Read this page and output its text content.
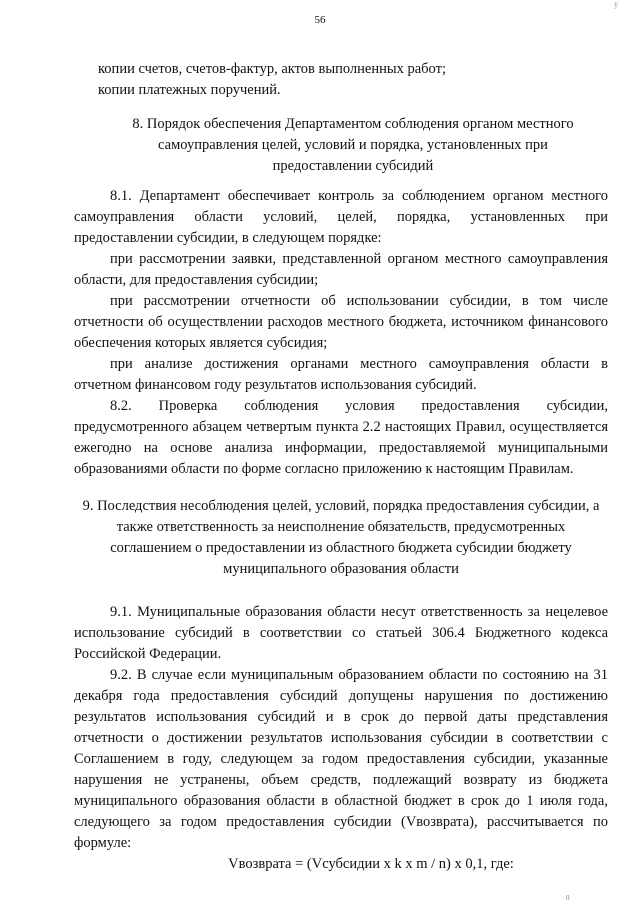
ÿ
56
копии счетов, счетов-фактур, актов выполненных работ;
копии платежных поручений.

8. Порядок обеспечения Департаментом соблюдения органом местного самоуправления целей, условий и порядка, установленных при предоставлении субсидий

8.1. Департамент обеспечивает контроль за соблюдением органом местного самоуправления области условий, целей, порядка, установленных при предоставлении субсидии, в следующем порядке:

при рассмотрении заявки, представленной органом местного самоуправления области, для предоставления субсидии;

при рассмотрении отчетности об использовании субсидии, в том числе отчетности об осуществлении расходов местного бюджета, источником финансового обеспечения которых является субсидия;

при анализе достижения органами местного самоуправления области в отчетном финансовом году результатов использования субсидий.

8.2. Проверка соблюдения условия предоставления субсидии, предусмотренного абзацем четвертым пункта 2.2 настоящих Правил, осуществляется ежегодно на основе анализа информации, предоставляемой муниципальными образованиями области по форме согласно приложению к настоящим Правилам.

9. Последствия несоблюдения целей, условий, порядка предоставления субсидии, а также ответственность за неисполнение обязательств, предусмотренных соглашением о предоставлении из областного бюджета субсидии бюджету муниципального образования области

9.1. Муниципальные образования области несут ответственность за нецелевое использование субсидий в соответствии со статьей 306.4 Бюджетного кодекса Российской Федерации.

9.2. В случае если муниципальным образованием области по состоянию на 31 декабря года предоставления субсидий допущены нарушения по достижению результатов использования субсидий и в срок до первой даты представления отчетности о достижении результатов использования субсидии в соответствии с Соглашением в году, следующем за годом предоставления субсидии, указанные нарушения не устранены, объем средств, подлежащий возврату из бюджета муниципального образования области в областной бюджет в срок до 1 июля года, следующего за годом предоставления субсидии (Vвозврата), рассчитывается по формуле:

Vвозврата = (Vсубсидии x k x m / n) x 0,1, где:

0  
